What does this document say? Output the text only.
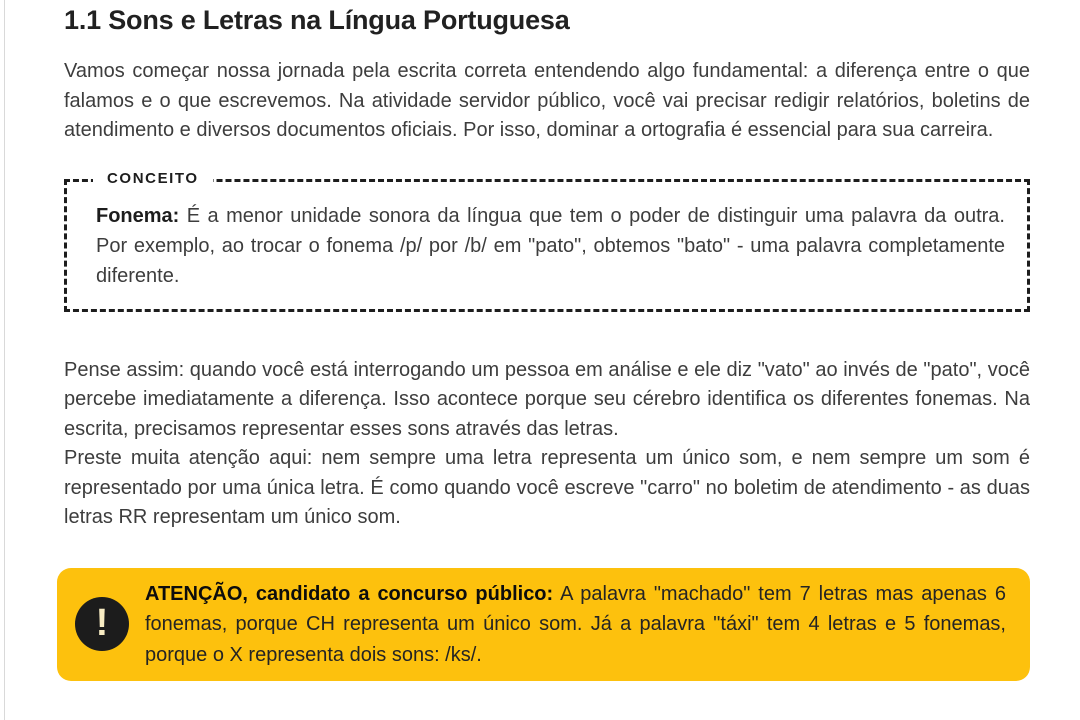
1.1 Sons e Letras na Língua Portuguesa

Vamos começar nossa jornada pela escrita correta entendendo algo fundamental: a diferença entre o que falamos e o que escrevemos. Na atividade servidor público, você vai precisar redigir relatórios, boletins de atendimento e diversos documentos oficiais. Por isso, dominar a ortografia é essencial para sua carreira.

CONCEITO

Fonema: É a menor unidade sonora da língua que tem o poder de distinguir uma palavra da outra. Por exemplo, ao trocar o fonema /p/ por /b/ em "pato", obtemos "bato" - uma palavra completamente diferente.

Pense assim: quando você está interrogando um pessoa em análise e ele diz "vato" ao invés de "pato", você percebe imediatamente a diferença. Isso acontece porque seu cérebro identifica os diferentes fonemas. Na escrita, precisamos representar esses sons através das letras.

Preste muita atenção aqui: nem sempre uma letra representa um único som, e nem sempre um som é representado por uma única letra. É como quando você escreve "carro" no boletim de atendimento - as duas letras RR representam um único som.

!

ATENÇÃO, candidato a concurso público: A palavra "machado" tem 7 letras mas apenas 6 fonemas, porque CH representa um único som. Já a palavra "táxi" tem 4 letras e 5 fonemas, porque o X representa dois sons: /ks/.
